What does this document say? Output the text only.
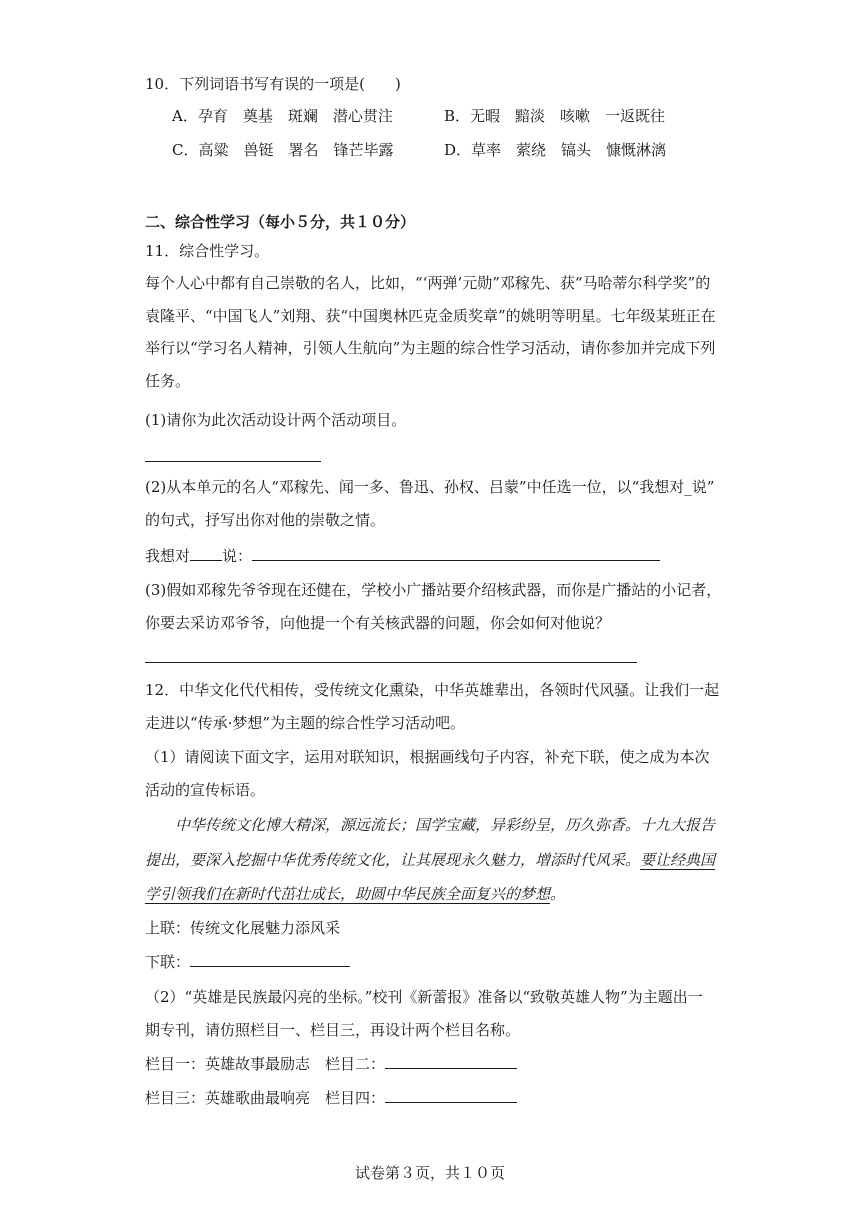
10．下列词语书写有误的一项是(　　)
A．孕育　奠基　斑斓　潜心贯注	B．无暇　黯淡　咳嗽　一返既往
C．高粱　兽铤　署名　锋芒毕露	D．草率　萦绕　镐头　慷慨淋漓
二、综合性学习（每小５分，共１０分）
11．综合性学习。
每个人心中都有自己崇敬的名人，比如，“‘两弹’元勋”邓稼先、获“马哈蒂尔科学奖”的
袁隆平、“中国飞人”刘翔、获“中国奥林匹克金质奖章”的姚明等明星。七年级某班正在
举行以“学习名人精神，引领人生航向”为主题的综合性学习活动，请你参加并完成下列
任务。
(1)请你为此次活动设计两个活动项目。
(2)从本单元的名人“邓稼先、闻一多、鲁迅、孙权、吕蒙”中任选一位，以“我想对_说”
的句式，抒写出你对他的崇敬之情。
我想对 说：
(3)假如邓稼先爷爷现在还健在，学校小广播站要介绍核武器，而你是广播站的小记者，
你要去采访邓爷爷，向他提一个有关核武器的问题，你会如何对他说？
12．中华文化代代相传，受传统文化熏染，中华英雄辈出，各领时代风骚。让我们一起
走进以“传承·梦想”为主题的综合性学习活动吧。
（1）请阅读下面文字，运用对联知识，根据画线句子内容，补充下联，使之成为本次
活动的宣传标语。
中华传统文化博大精深，源远流长；国学宝藏，异彩纷呈，历久弥香。十九大报告
提出，要深入挖掘中华优秀传统文化，让其展现永久魅力，增添时代风采。要让经典国
学引领我们在新时代茁壮成长，助圆中华民族全面复兴的梦想。
上联：传统文化展魅力添风采
下联：
（2）“英雄是民族最闪亮的坐标。”校刊《新蕾报》准备以“致敬英雄人物”为主题出一
期专刊，请仿照栏目一、栏目三，再设计两个栏目名称。
栏目一：英雄故事最励志　栏目二：
栏目三：英雄歌曲最响亮　栏目四：
试卷第３页，共１０页
